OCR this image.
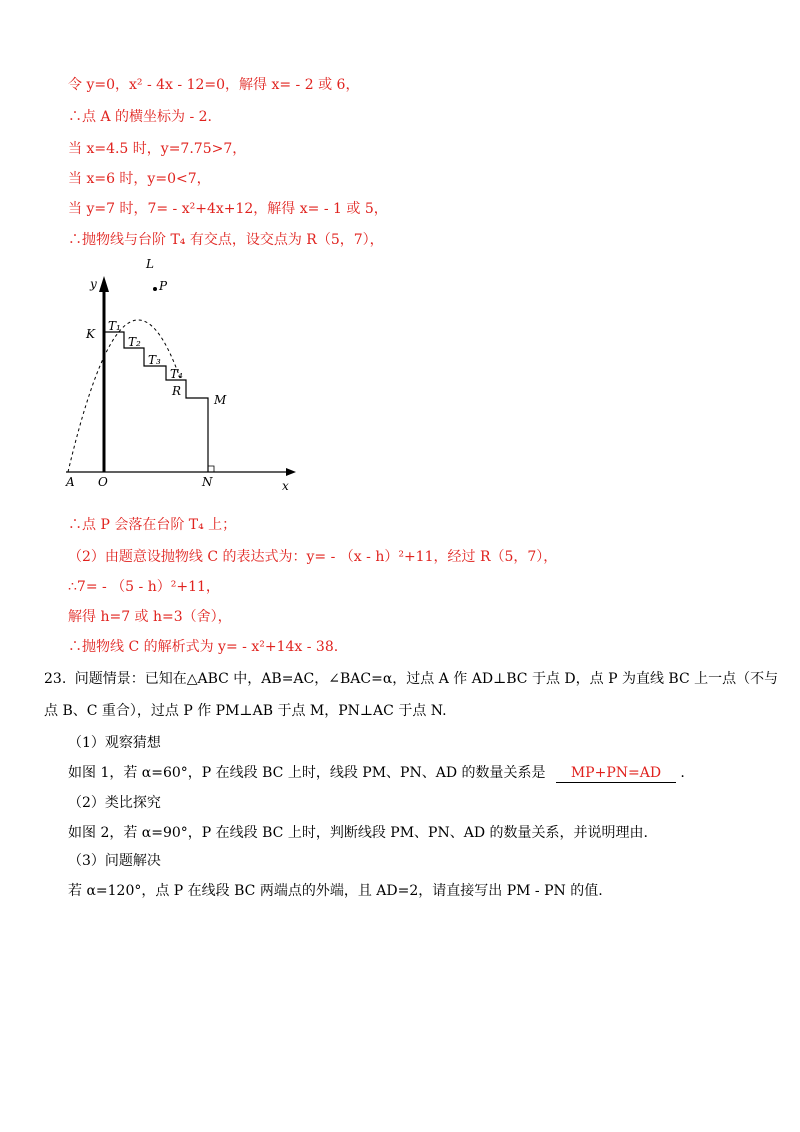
令 y=0，x² - 4x - 12=0，解得 x= - 2 或 6，
∴点 A 的横坐标为 - 2.
当 x=4.5 时，y=7.75>7，
当 x=6 时，y=0<7，
当 y=7 时，7= - x²+4x+12，解得 x= - 1 或 5，
∴抛物线与台阶 T₄ 有交点，设交点为 R（5，7），
y
L
P
K
T₁
T₂
T₃
T₄
R
M
A O	N	x
∴点 P 会落在台阶 T₄ 上；
（2）由题意设抛物线 C 的表达式为：y= - （x - h）²+11，经过 R（5，7），
∴7= - （5 - h）²+11，
解得 h=7 或 h=3（舍），
∴抛物线 C 的解析式为 y= - x²+14x - 38.
23. 问题情景：已知在△ABC 中，AB=AC，∠BAC=α，过点 A 作 AD⊥BC 于点 D，点 P 为直线 BC 上一点（不与
点 B、C 重合），过点 P 作 PM⊥AB 于点 M，PN⊥AC 于点 N.
（1）观察猜想
如图 1，若 α=60°，P 在线段 BC 上时，线段 PM、PN、AD 的数量关系是 MP+PN=AD .
（2）类比探究
如图 2，若 α=90°，P 在线段 BC 上时，判断线段 PM、PN、AD 的数量关系，并说明理由.
（3）问题解决
若 α=120°，点 P 在线段 BC 两端点的外端，且 AD=2，请直接写出 PM - PN 的值.
